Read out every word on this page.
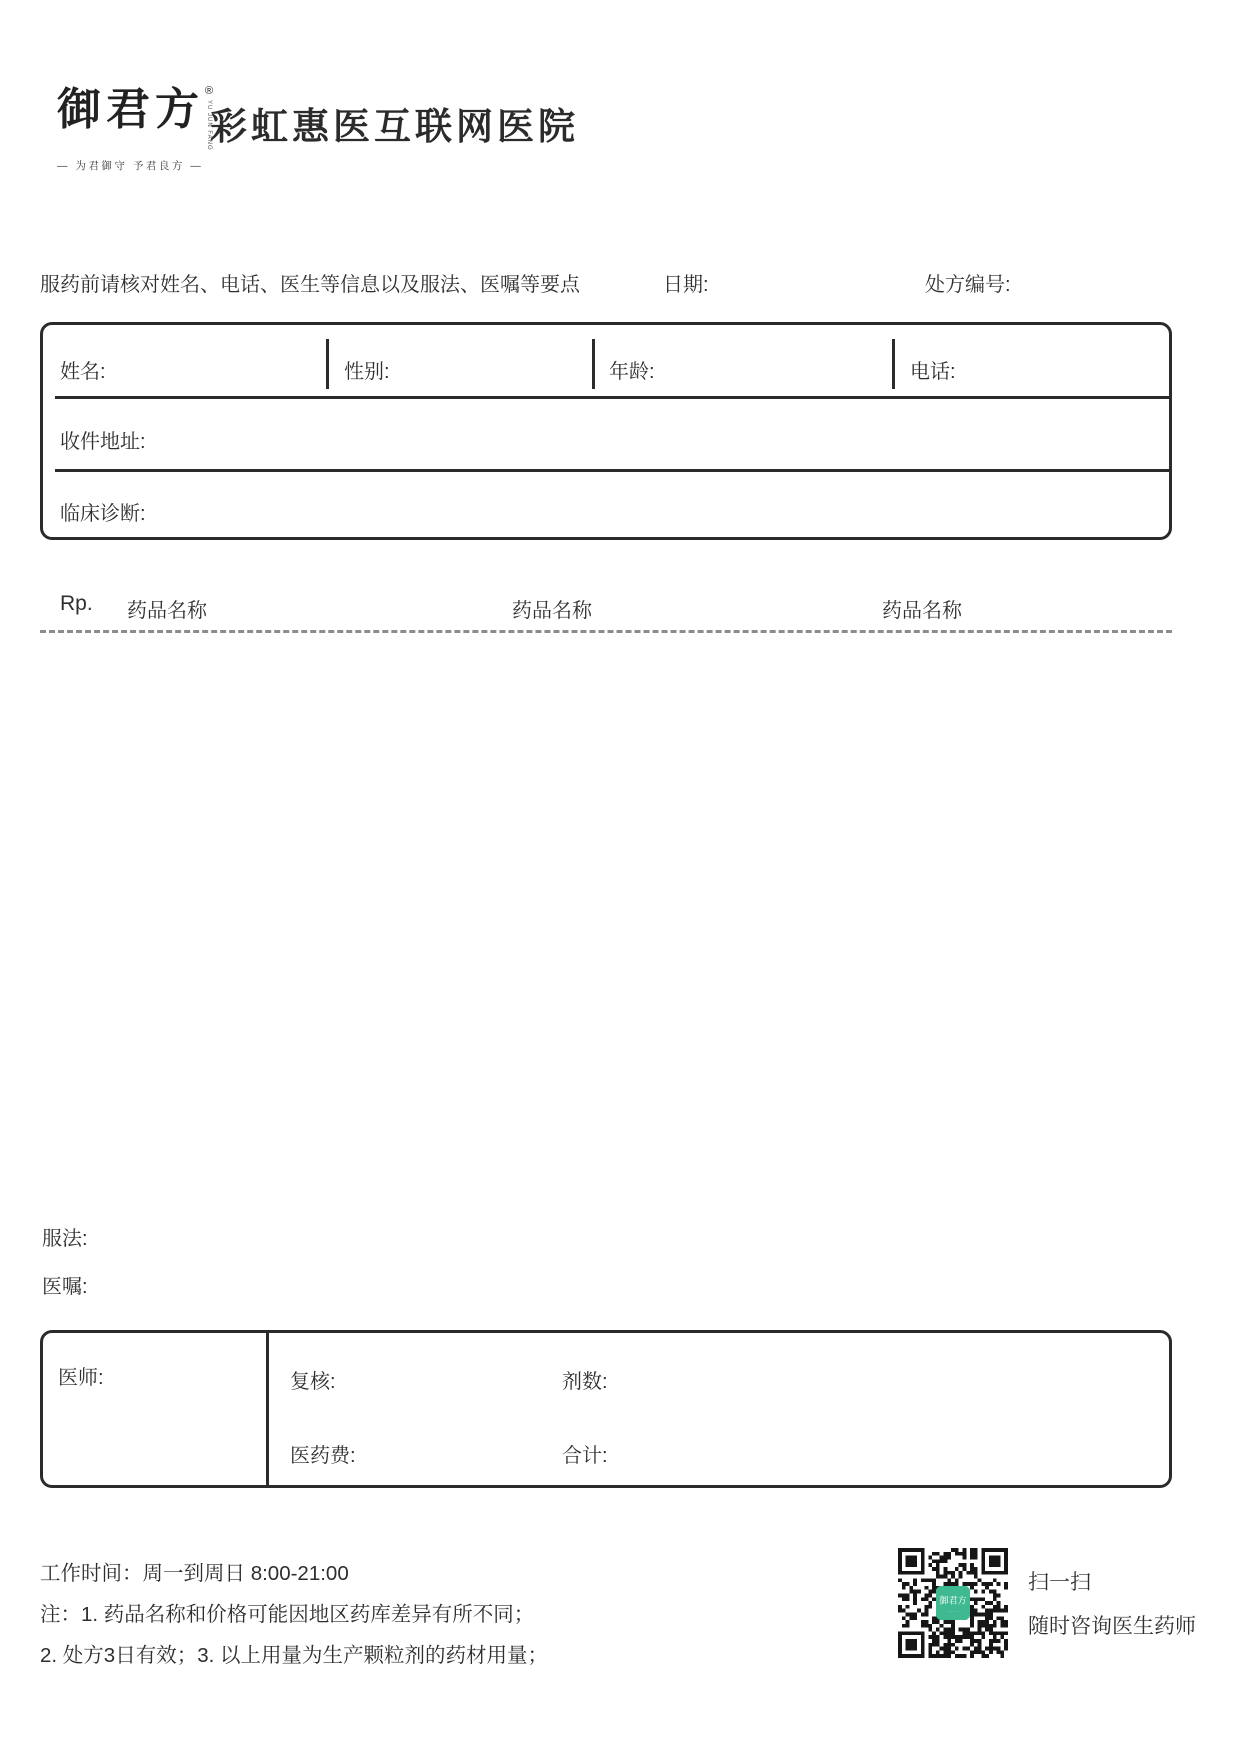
御君方 ®
YU JUN FANG
— 为君御守 予君良方 —
彩虹惠医互联网医院
服药前请核对姓名、电话、医生等信息以及服法、医嘱等要点	日期:	处方编号:
姓名:	性别:	年龄:	电话:
收件地址:
临床诊断:
Rp. 药品名称	药品名称	药品名称
服法:
医嘱:
医师:	复核:	剂数:
医药费:	合计:
工作时间：周一到周日 8:00-21:00
注：1. 药品名称和价格可能因地区药库差异有所不同；
2. 处方3日有效；3. 以上用量为生产颗粒剂的药材用量；
御君方
· · · · ·
扫一扫
随时咨询医生药师
